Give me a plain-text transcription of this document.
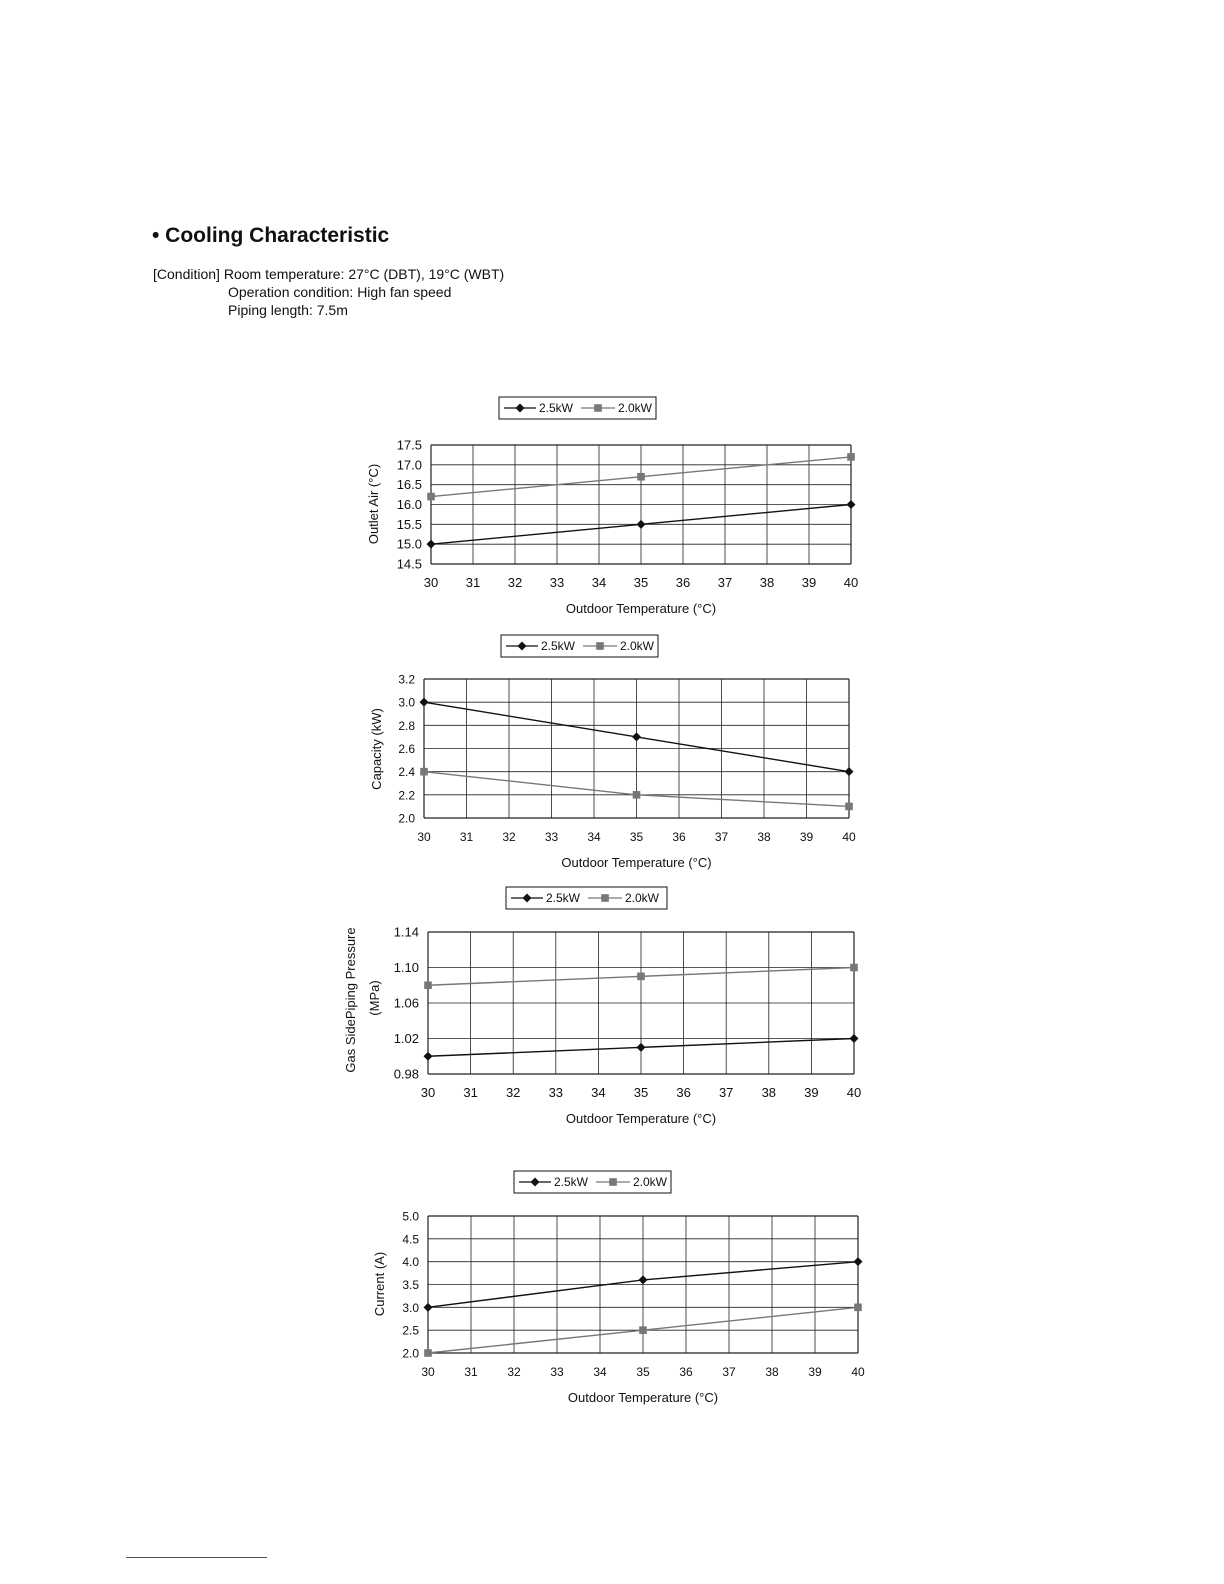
• Cooling Characteristic
[Condition] Room temperature: 27°C (DBT), 19°C (WBT)
Operation condition: High fan speed
Piping length: 7.5m
2.5kW	2.0kW
30 31 32 33 34 35 36 37 38 39 40
14.5
15.0
15.5
16.0
16.5
17.0
17.5
Outdoor Temperature (°C)
Outlet Air (°C)
2.5kW	2.0kW
30 31 32 33 34 35 36 37 38 39 40
2.0
2.2
2.4
2.6
2.8
3.0
3.2
Outdoor Temperature (°C)
Capacity (kW)
2.5kW	2.0kW
30 31 32 33 34 35 36 37 38 39 40
0.98
1.02
1.06
1.10
1.14
Outdoor Temperature (°C)
Gas SidePiping Pressure (MPa)
2.5kW	2.0kW
30 31 32 33 34 35 36 37 38 39 40
2.0
2.5
3.0
3.5
4.0
4.5
5.0
Outdoor Temperature (°C)
Current (A)
